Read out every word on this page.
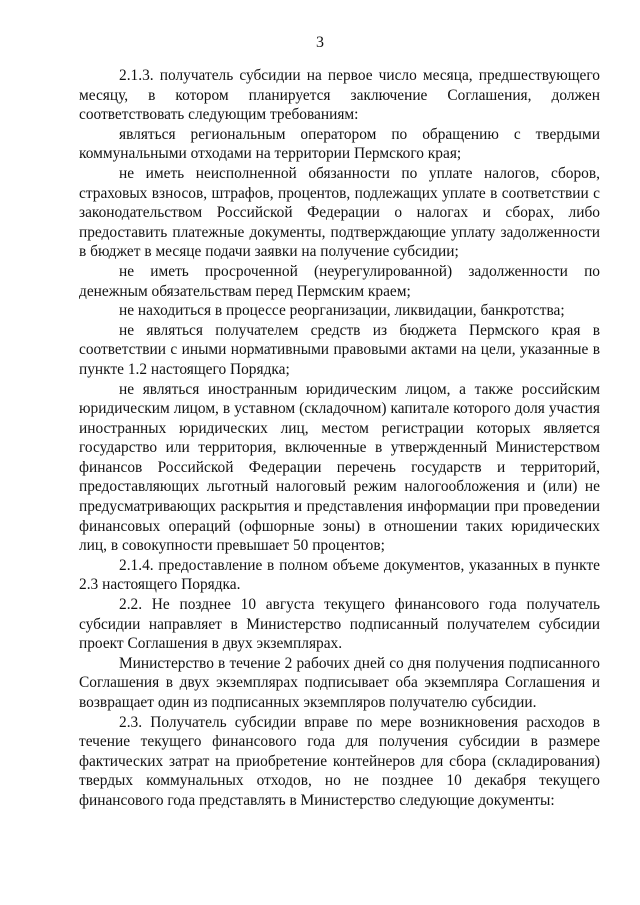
3

2.1.3. получатель субсидии на первое число месяца, предшествующего месяцу, в котором планируется заключение Соглашения, должен соответствовать следующим требованиям:

являться региональным оператором по обращению с твердыми коммунальными отходами на территории Пермского края;

не иметь неисполненной обязанности по уплате налогов, сборов, страховых взносов, штрафов, процентов, подлежащих уплате в соответствии с законодательством Российской Федерации о налогах и сборах, либо предоставить платежные документы, подтверждающие уплату задолженности в бюджет в месяце подачи заявки на получение субсидии;

не иметь просроченной (неурегулированной) задолженности по денежным обязательствам перед Пермским краем;

не находиться в процессе реорганизации, ликвидации, банкротства;

не являться получателем средств из бюджета Пермского края в соответствии с иными нормативными правовыми актами на цели, указанные в пункте 1.2 настоящего Порядка;

не являться иностранным юридическим лицом, а также российским юридическим лицом, в уставном (складочном) капитале которого доля участия иностранных юридических лиц, местом регистрации которых является государство или территория, включенные в утвержденный Министерством финансов Российской Федерации перечень государств и территорий, предоставляющих льготный налоговый режим налогообложения и (или) не предусматривающих раскрытия и представления информации при проведении финансовых операций (офшорные зоны) в отношении таких юридических лиц, в совокупности превышает 50 процентов;

2.1.4. предоставление в полном объеме документов, указанных в пункте 2.3 настоящего Порядка.

2.2. Не позднее 10 августа текущего финансового года получатель субсидии направляет в Министерство подписанный получателем субсидии проект Соглашения в двух экземплярах.

Министерство в течение 2 рабочих дней со дня получения подписанного Соглашения в двух экземплярах подписывает оба экземпляра Соглашения и возвращает один из подписанных экземпляров получателю субсидии.

2.3. Получатель субсидии вправе по мере возникновения расходов в течение текущего финансового года для получения субсидии в размере фактических затрат на приобретение контейнеров для сбора (складирования) твердых коммунальных отходов, но не позднее 10 декабря текущего финансового года представлять в Министерство следующие документы:
